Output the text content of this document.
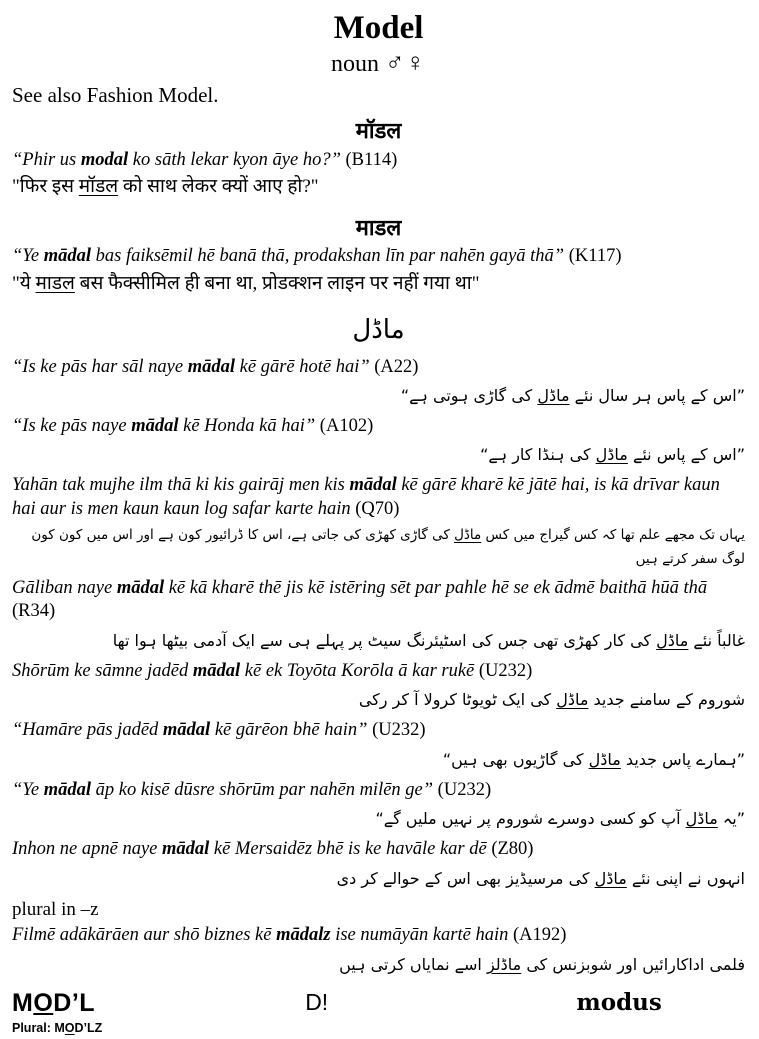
Model
noun ♂♀
See also Fashion Model.
मॉडल
“Phir us modal ko sāth lekar kyon āye ho?” (B114)
"फिर इस मॉडल को साथ लेकर क्यों आए हो?"
माडल
“Ye mādal bas faiksēmil hē banā thā, prodakshan līn par nahēn gayā thā” (K117)
"ये माडल बस फैक्सीमिल ही बना था, प्रोडक्शन लाइन पर नहीं गया था"
ماڈل
“Is ke pās har sāl naye mādal kē gārē hotē hai” (A22)
”اس کے پاس ہر سال نئے ماڈل کی گاڑی ہوتی ہے“
“Is ke pās naye mādal kē Honda kā hai” (A102)
”اس کے پاس نئے ماڈل کی ہنڈا کار ہے“
Yahān tak mujhe ilm thā ki kis gairāj men kis mādal kē gārē kharē kē jātē hai, is kā drīvar kaun hai aur is men kaun kaun log safar karte hain (Q70)
یہاں تک مجھے علم تھا کہ کس گیراج میں کس ماڈل کی گاڑی کھڑی کی جاتی ہے، اس کا ڈرائیور کون ہے اور اس میں کون کون لوگ سفر کرتے ہیں
Gāliban naye mādal kē kā kharē thē jis kē istēring sēt par pahle hē se ek ādmē baithā hūā thā (R34)
غالباً نئے ماڈل کی کار کھڑی تھی جس کی اسٹیئرنگ سیٹ پر پہلے ہی سے ایک آدمی بیٹھا ہوا تھا
Shōrūm ke sāmne jadēd mādal kē ek Toyōta Korōla ā kar rukē (U232)
شوروم کے سامنے جدید ماڈل کی ایک ٹویوٹا کرولا آ کر رکی
“Hamāre pās jadēd mādal kē gārēon bhē hain” (U232)
”ہمارے پاس جدید ماڈل کی گاڑیوں بھی ہیں“
“Ye mādal āp ko kisē dūsre shōrūm par nahēn milēn ge” (U232)
”یہ ماڈل آپ کو کسی دوسرے شوروم پر نہیں ملیں گے“
Inhon ne apnē naye mādal kē Mersaidēz bhē is ke havāle kar dē (Z80)
انہوں نے اپنی نئے ماڈل کی مرسیڈیز بھی اس کے حوالے کر دی
plural in –z
Filmē adākārāen aur shō biznes kē mādalz ise numāyān kartē hain (A192)
فلمی اداکارائیں اور شوبزنس کی ماڈلز اسے نمایاں کرتی ہیں
MOD’L
Plural: MOD’LZ
D!	modus
